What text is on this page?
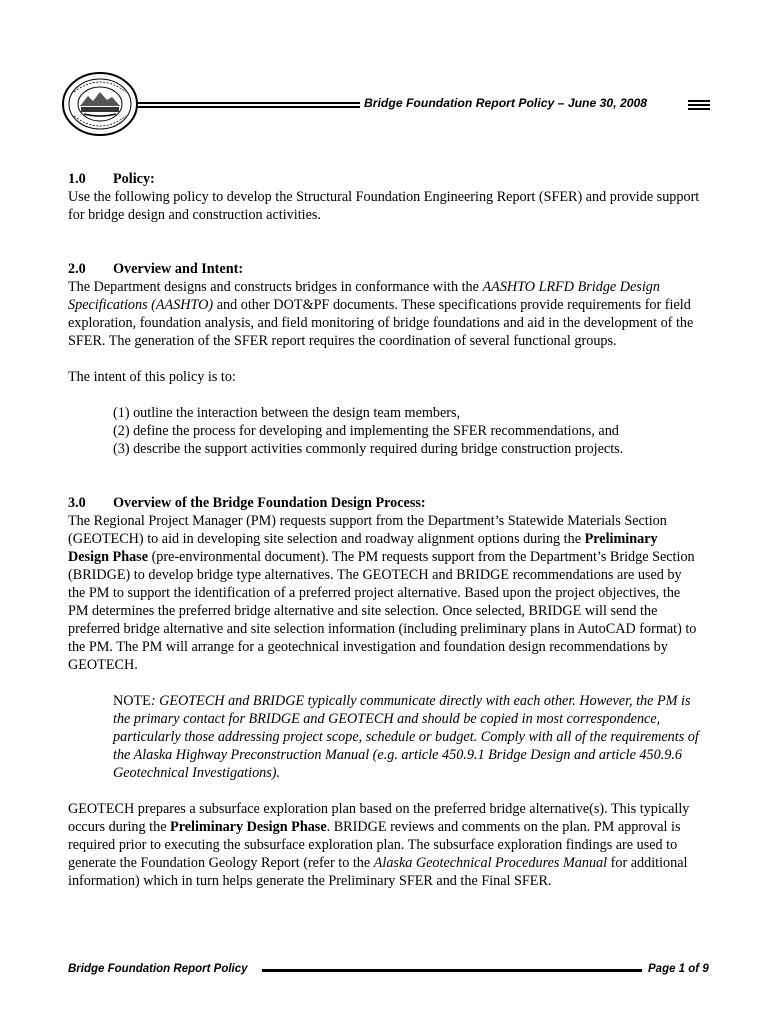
Bridge Foundation Report Policy – June 30, 2008

1.0 Policy:

Use the following policy to develop the Structural Foundation Engineering Report (SFER) and provide support for bridge design and construction activities.

2.0 Overview and Intent:

The Department designs and constructs bridges in conformance with the AASHTO LRFD Bridge Design Specifications (AASHTO) and other DOT&PF documents. These specifications provide requirements for field exploration, foundation analysis, and field monitoring of bridge foundations and aid in the development of the SFER. The generation of the SFER report requires the coordination of several functional groups.

The intent of this policy is to:

(1) outline the interaction between the design team members,
(2) define the process for developing and implementing the SFER recommendations, and
(3) describe the support activities commonly required during bridge construction projects.

3.0 Overview of the Bridge Foundation Design Process:

The Regional Project Manager (PM) requests support from the Department’s Statewide Materials Section (GEOTECH) to aid in developing site selection and roadway alignment options during the Preliminary Design Phase (pre-environmental document). The PM requests support from the Department’s Bridge Section (BRIDGE) to develop bridge type alternatives. The GEOTECH and BRIDGE recommendations are used by the PM to support the identification of a preferred project alternative. Based upon the project objectives, the PM determines the preferred bridge alternative and site selection. Once selected, BRIDGE will send the preferred bridge alternative and site selection information (including preliminary plans in AutoCAD format) to the PM. The PM will arrange for a geotechnical investigation and foundation design recommendations by GEOTECH.

NOTE: GEOTECH and BRIDGE typically communicate directly with each other. However, the PM is the primary contact for BRIDGE and GEOTECH and should be copied in most correspondence, particularly those addressing project scope, schedule or budget. Comply with all of the requirements of the Alaska Highway Preconstruction Manual (e.g. article 450.9.1 Bridge Design and article 450.9.6 Geotechnical Investigations).

GEOTECH prepares a subsurface exploration plan based on the preferred bridge alternative(s). This typically occurs during the Preliminary Design Phase. BRIDGE reviews and comments on the plan. PM approval is required prior to executing the subsurface exploration plan. The subsurface exploration findings are used to generate the Foundation Geology Report (refer to the Alaska Geotechnical Procedures Manual for additional information) which in turn helps generate the Preliminary SFER and the Final SFER.

Bridge Foundation Report Policy	Page 1 of 9
